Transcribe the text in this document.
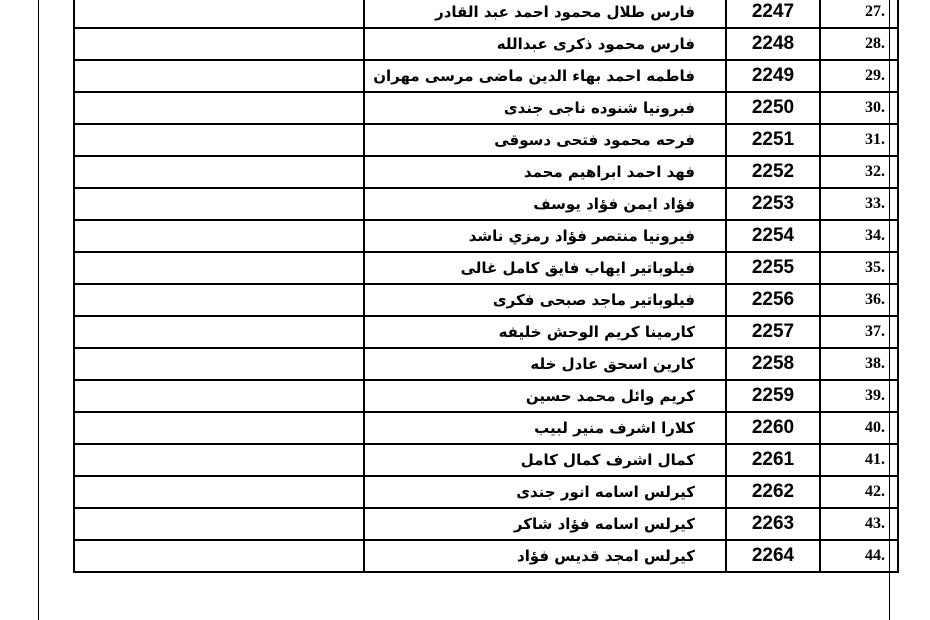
.27	2247	فارس طلال محمود احمد عبد القادر	
.28	2248	فارس محمود ذكرى عبدالله	
.29	2249	فاطمه احمد بهاء الدين ماضى مرسى مهران	
.30	2250	فبرونيا شنوده ناجى جندى	
.31	2251	فرحه محمود فتحى دسوقى	
.32	2252	فهد احمد ابراهيم محمد	
.33	2253	فؤاد ايمن فؤاد يوسف	
.34	2254	فيرونيا منتصر فؤاد رمزي ناشد	
.35	2255	فيلوباتير ايهاب فايق كامل غالى	
.36	2256	فيلوباتير ماجد صبحى فكرى	
.37	2257	كارمينا كريم الوحش خليفه	
.38	2258	كارين اسحق عادل خله	
.39	2259	كريم وائل محمد حسين	
.40	2260	كلارا اشرف منير لبيب	
.41	2261	كمال اشرف كمال كامل	
.42	2262	كيرلس اسامه انور جندى	
.43	2263	كيرلس اسامه فؤاد شاكر	
.44	2264	كيرلس امجد قديس فؤاد	
